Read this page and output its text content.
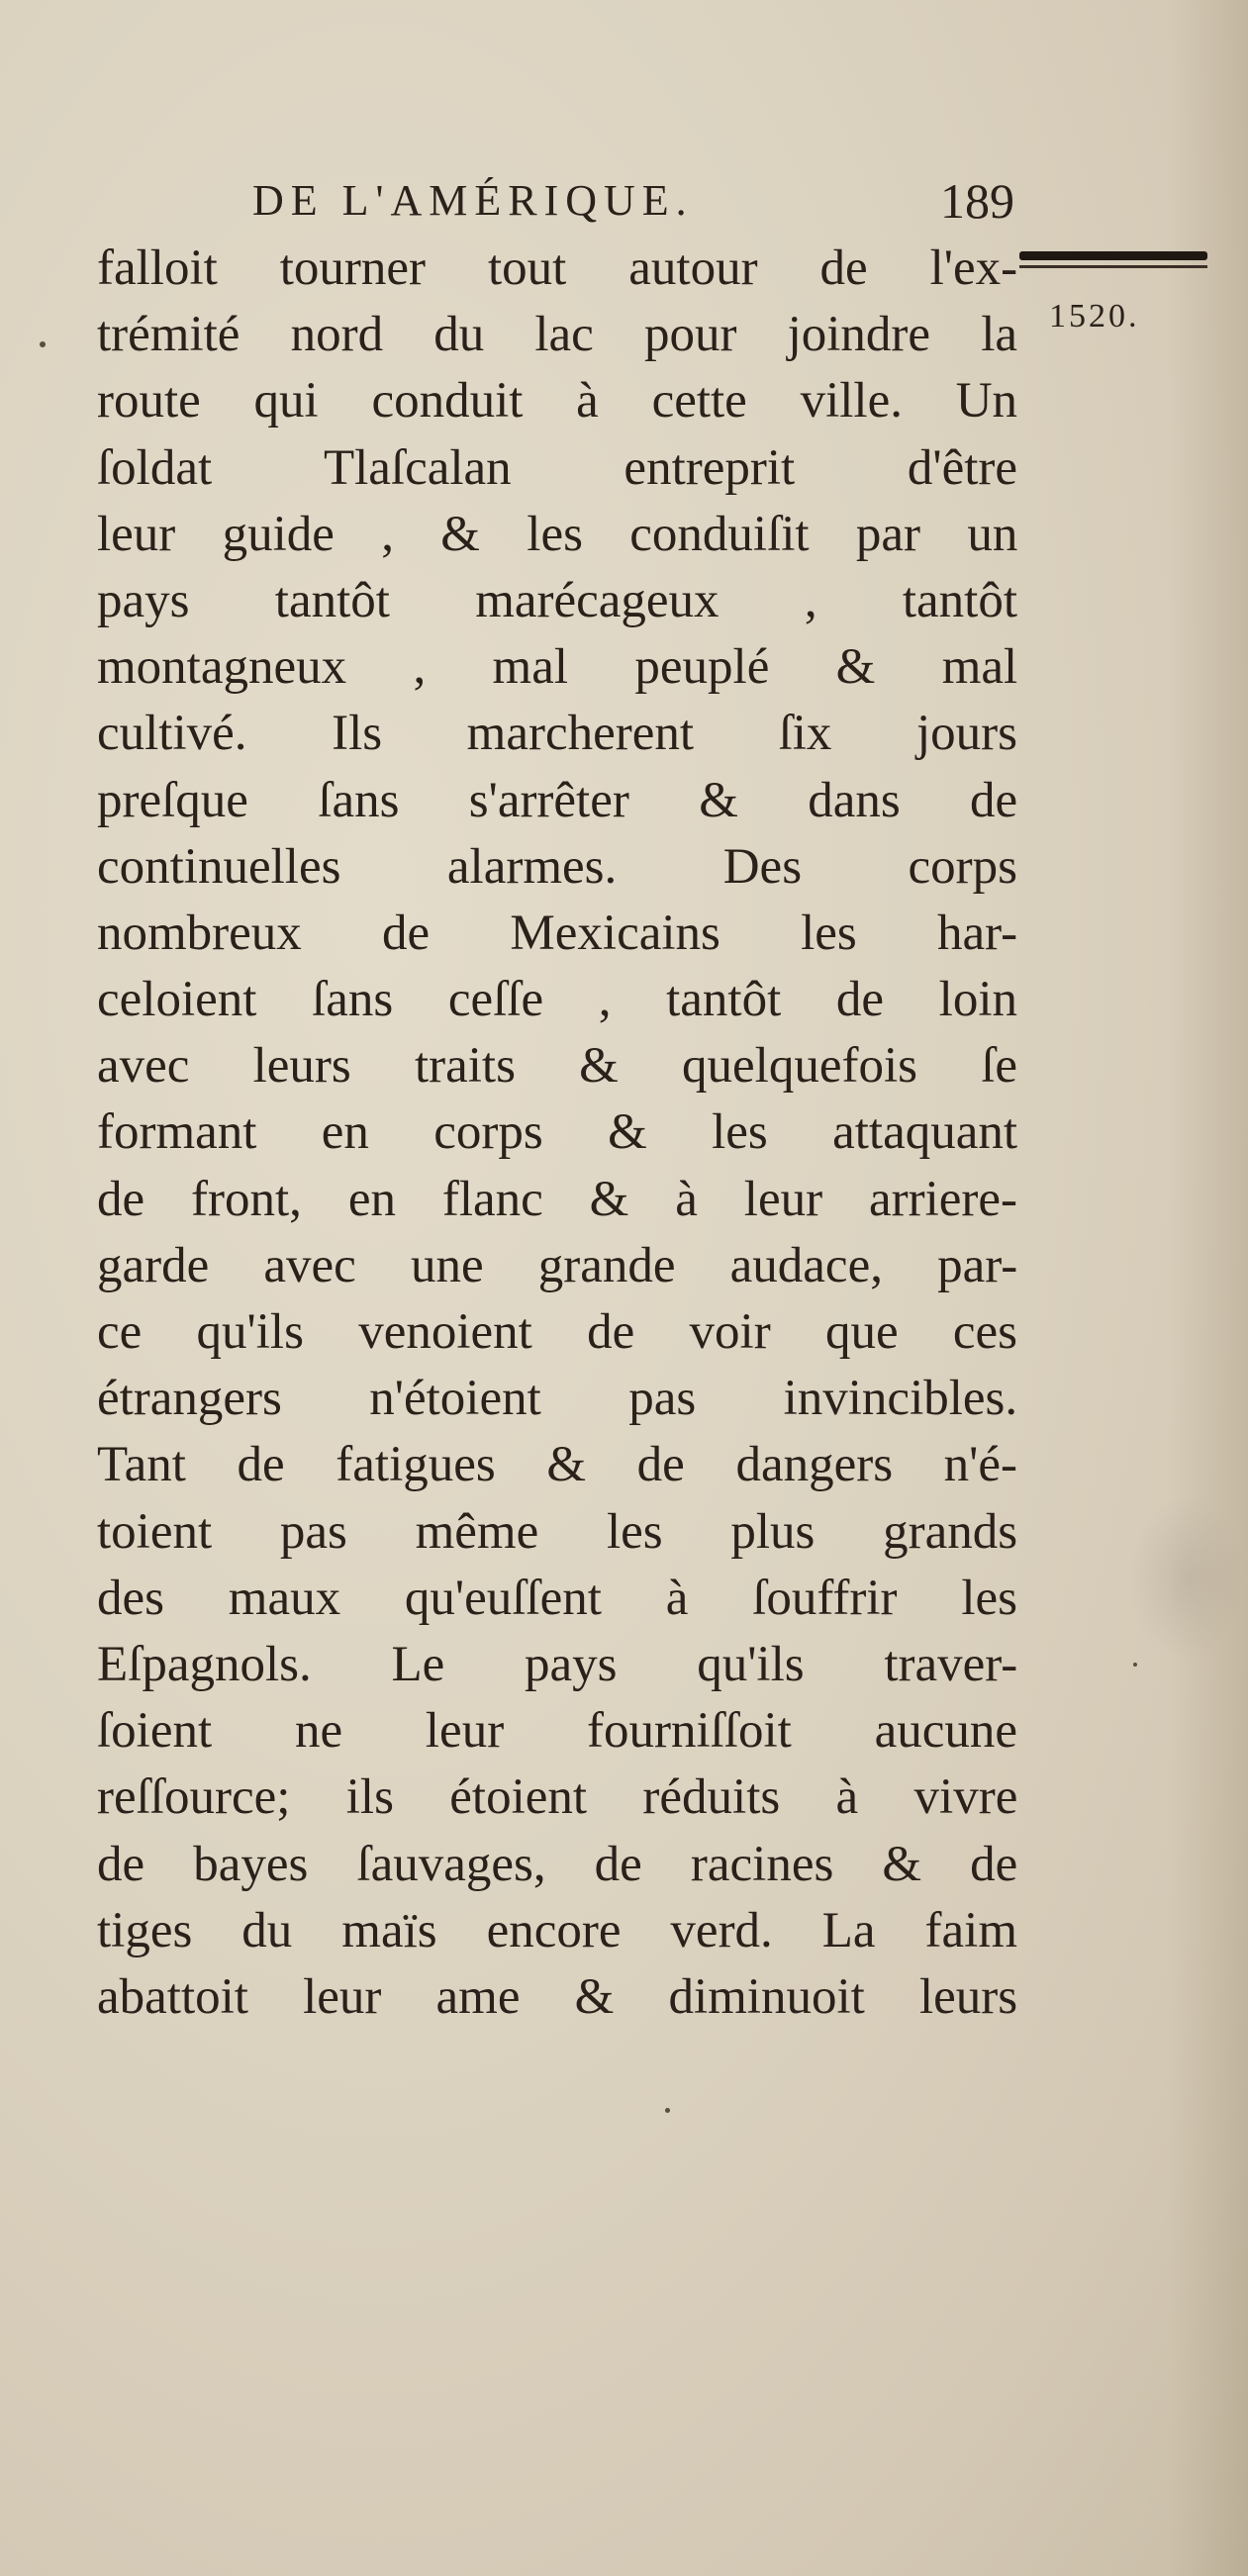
DE L'AMÉRIQUE.	189
1520.
falloit tourner tout autour de l'ex-
trémité nord du lac pour joindre la
route qui conduit à cette ville. Un
ſoldat Tlaſcalan entreprit d'être
leur guide , & les conduiſit par un
pays tantôt marécageux , tantôt
montagneux , mal peuplé & mal
cultivé. Ils marcherent ſix jours
preſque ſans s'arrêter & dans de
continuelles alarmes. Des corps
nombreux de Mexicains les har-
celoient ſans ceſſe , tantôt de loin
avec leurs traits & quelquefois ſe
formant en corps & les attaquant
de front, en flanc & à leur arriere-
garde avec une grande audace, par-
ce qu'ils venoient de voir que ces
étrangers n'étoient pas invincibles.
Tant de fatigues & de dangers n'é-
toient pas même les plus grands
des maux qu'euſſent à ſouffrir les
Eſpagnols. Le pays qu'ils traver-
ſoient ne leur fourniſſoit aucune
reſſource; ils étoient réduits à vivre
de bayes ſauvages, de racines & de
tiges du maïs encore verd. La faim
abattoit leur ame & diminuoit leurs
